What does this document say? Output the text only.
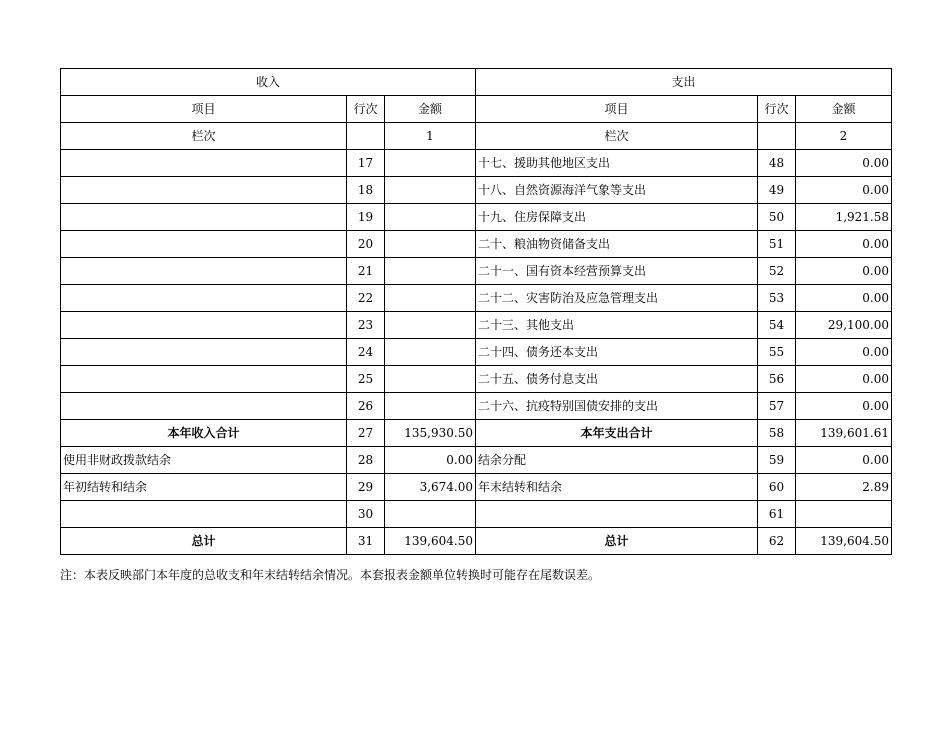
收入			支出		
项目	行次	金额	项目	行次	金额
栏次		1	栏次		2
	17		十七、援助其他地区支出	48	0.00
	18		十八、自然资源海洋气象等支出	49	0.00
	19		十九、住房保障支出	50	1,921.58
	20		二十、粮油物资储备支出	51	0.00
	21		二十一、国有资本经营预算支出	52	0.00
	22		二十二、灾害防治及应急管理支出	53	0.00
	23		二十三、其他支出	54	29,100.00
	24		二十四、债务还本支出	55	0.00
	25		二十五、债务付息支出	56	0.00
	26		二十六、抗疫特别国债安排的支出	57	0.00
本年收入合计	27	135,930.50	本年支出合计	58	139,601.61
使用非财政拨款结余	28	0.00	结余分配	59	0.00
年初结转和结余	29	3,674.00	年末结转和结余	60	2.89
	30			61	
总计	31	139,604.50	总计	62	139,604.50
注：本表反映部门本年度的总收支和年末结转结余情况。本套报表金额单位转换时可能存在尾数误差。
